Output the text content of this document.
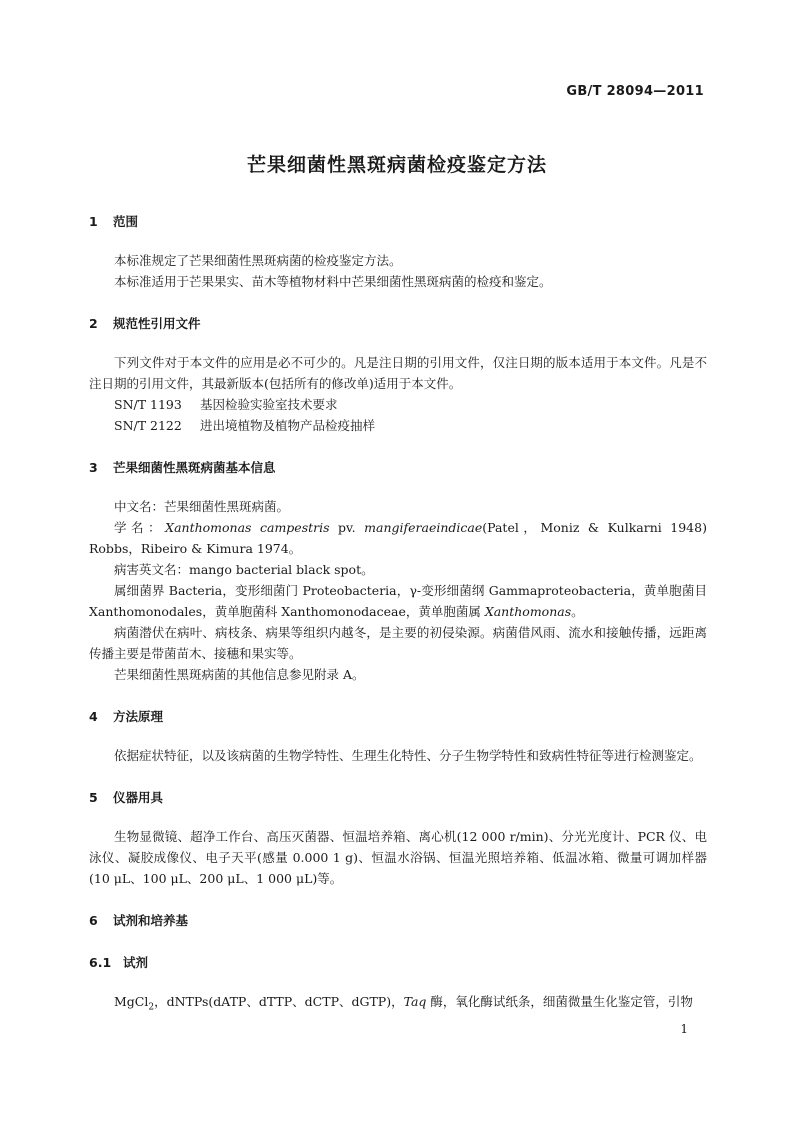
GB/T 28094—2011
芒果细菌性黑斑病菌检疫鉴定方法
1 范围

本标准规定了芒果细菌性黑斑病菌的检疫鉴定方法。

本标准适用于芒果果实、苗木等植物材料中芒果细菌性黑斑病菌的检疫和鉴定。

2 规范性引用文件

下列文件对于本文件的应用是必不可少的。凡是注日期的引用文件，仅注日期的版本适用于本文件。凡是不注日期的引用文件，其最新版本(包括所有的修改单)适用于本文件。

SN/T 1193 基因检验实验室技术要求
SN/T 2122 进出境植物及植物产品检疫抽样
3 芒果细菌性黑斑病菌基本信息

中文名：芒果细菌性黑斑病菌。

学名：Xanthomonas campestris pv. mangiferaeindicae(Patel，Moniz & Kulkarni 1948) Robbs，Ribeiro & Kimura 1974。

病害英文名：mango bacterial black spot。

属细菌界 Bacteria，变形细菌门 Proteobacteria，γ-变形细菌纲 Gammaproteobacteria，黄单胞菌目 Xanthomonodales，黄单胞菌科 Xanthomonodaceae，黄单胞菌属 Xanthomonas。

病菌潜伏在病叶、病枝条、病果等组织内越冬，是主要的初侵染源。病菌借风雨、流水和接触传播，远距离传播主要是带菌苗木、接穗和果实等。

芒果细菌性黑斑病菌的其他信息参见附录 A。

4 方法原理

依据症状特征，以及该病菌的生物学特性、生理生化特性、分子生物学特性和致病性特征等进行检测鉴定。

5 仪器用具

生物显微镜、超净工作台、高压灭菌器、恒温培养箱、离心机(12 000 r/min)、分光光度计、PCR 仪、电泳仪、凝胶成像仪、电子天平(感量 0.000 1 g)、恒温水浴锅、恒温光照培养箱、低温冰箱、微量可调加样器(10 μL、100 μL、200 μL、1 000 μL)等。

6 试剂和培养基
6.1 试剂

MgCl$_2$，dNTPs(dATP、dTTP、dCTP、dGTP)，Taq 酶，氧化酶试纸条，细菌微量生化鉴定管，引物

1
